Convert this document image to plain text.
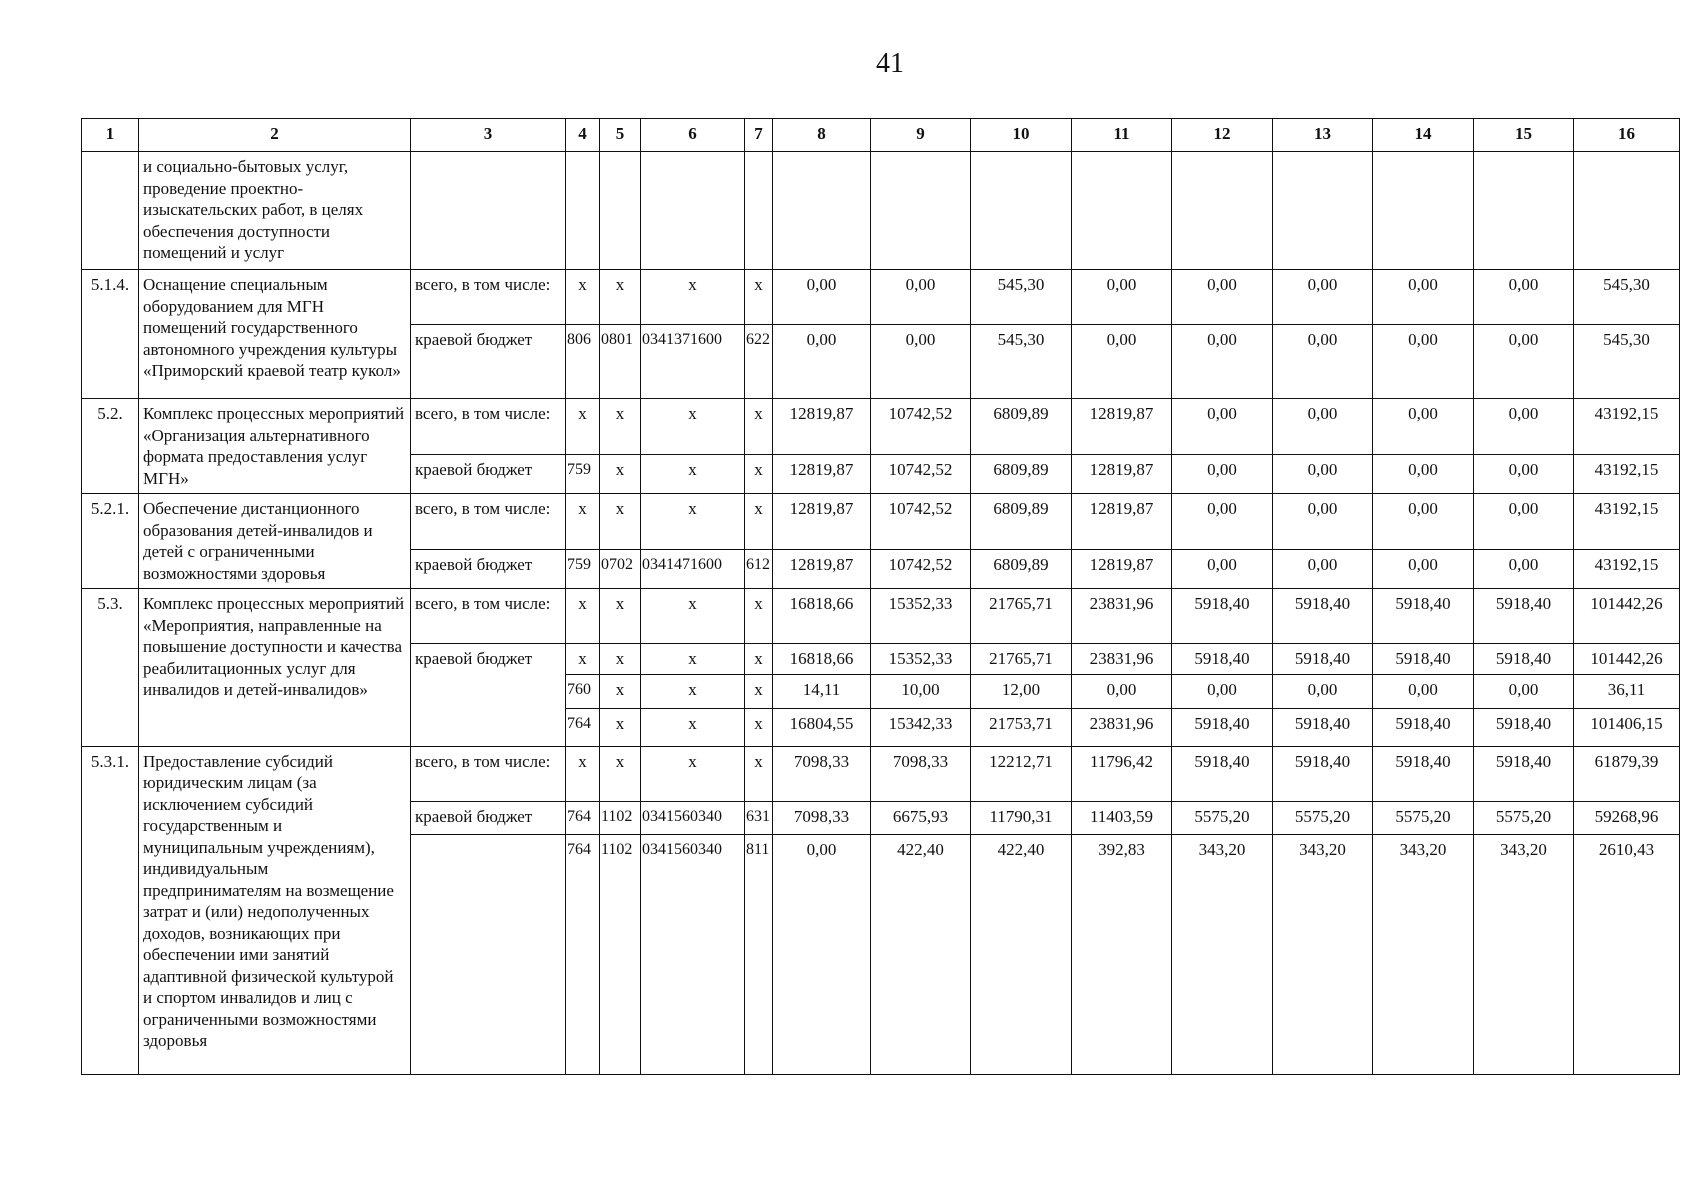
41
1	2	3	4	5	6	7	8	9	10	11	12	13	14	15	16
	и социально-бытовых услуг, проведение проектно-изыскательских работ, в целях обеспечения доступности помещений и услуг														
5.1.4.	Оснащение специальным оборудованием для МГН помещений государственного автономного учреждения культуры «Приморский краевой театр кукол»	всего, в том числе:	x	x	x	x	0,00	0,00	545,30	0,00	0,00	0,00	0,00	0,00	545,30
		краевой бюджет	806	0801	0341371600	622	0,00	0,00	545,30	0,00	0,00	0,00	0,00	0,00	545,30
5.2.	Комплекс процессных мероприятий «Организация альтернативного формата предоставления услуг МГН»	всего, в том числе:	x	x	x	x	12819,87	10742,52	6809,89	12819,87	0,00	0,00	0,00	0,00	43192,15
		краевой бюджет	759	x	x	x	12819,87	10742,52	6809,89	12819,87	0,00	0,00	0,00	0,00	43192,15
5.2.1.	Обеспечение дистанционного образования детей-инвалидов и детей с ограниченными возможностями здоровья	всего, в том числе:	x	x	x	x	12819,87	10742,52	6809,89	12819,87	0,00	0,00	0,00	0,00	43192,15
		краевой бюджет	759	0702	0341471600	612	12819,87	10742,52	6809,89	12819,87	0,00	0,00	0,00	0,00	43192,15
5.3.	Комплекс процессных мероприятий «Мероприятия, направленные на повышение доступности и качества реабилитационных услуг для инвалидов и детей-инвалидов»	всего, в том числе:	x	x	x	x	16818,66	15352,33	21765,71	23831,96	5918,40	5918,40	5918,40	5918,40	101442,26
		краевой бюджет	x	x	x	x	16818,66	15352,33	21765,71	23831,96	5918,40	5918,40	5918,40	5918,40	101442,26
			760	x	x	x	14,11	10,00	12,00	0,00	0,00	0,00	0,00	0,00	36,11
			764	x	x	x	16804,55	15342,33	21753,71	23831,96	5918,40	5918,40	5918,40	5918,40	101406,15
5.3.1.	Предоставление субсидий юридическим лицам (за исключением субсидий государственным и муниципальным учреждениям), индивидуальным предпринимателям на возмещение затрат и (или) недополученных доходов, возникающих при обеспечении ими занятий адаптивной физической культурой и спортом инвалидов и лиц с ограниченными возможностями здоровья	всего, в том числе:	x	x	x	x	7098,33	7098,33	12212,71	11796,42	5918,40	5918,40	5918,40	5918,40	61879,39
		краевой бюджет	764	1102	0341560340	631	7098,33	6675,93	11790,31	11403,59	5575,20	5575,20	5575,20	5575,20	59268,96
			764	1102	0341560340	811	0,00	422,40	422,40	392,83	343,20	343,20	343,20	343,20	2610,43
